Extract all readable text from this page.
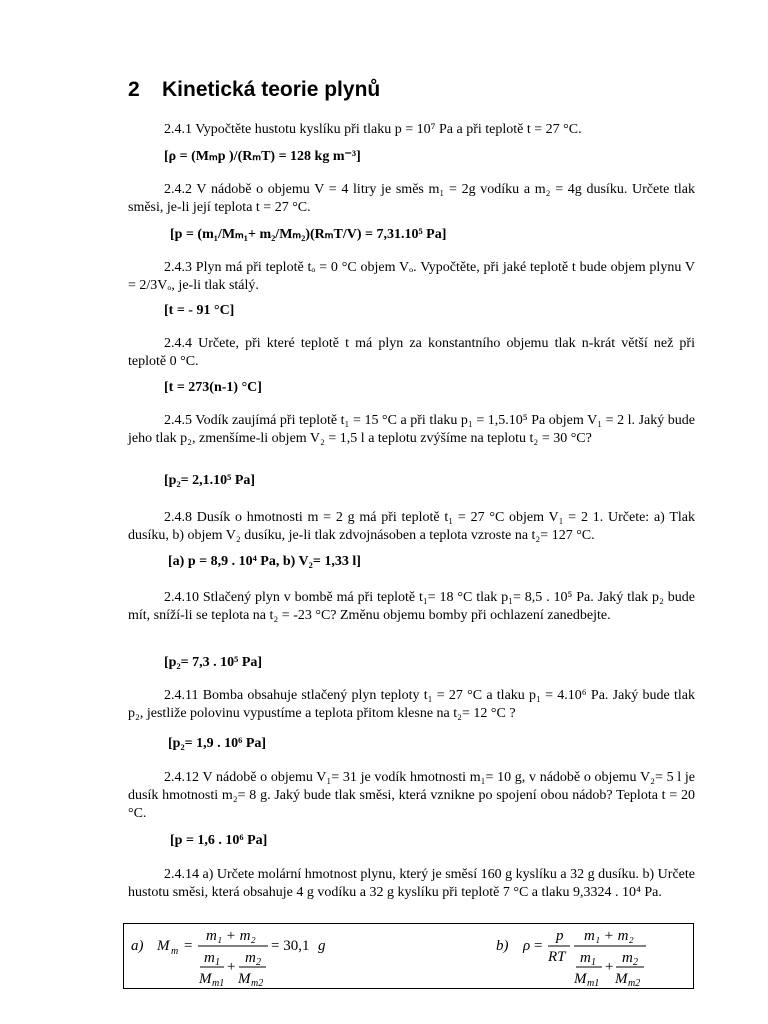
2 Kinetická teorie plynů

2.4.1 Vypočtěte hustotu kyslíku při tlaku p = 10⁷ Pa a při teplotě t = 27 °C.

[ρ = (Mₘp )/(RₘT) = 128 kg m⁻³]

2.4.2 V nádobě o objemu V = 4 litry je směs m₁ = 2g vodíku a m₂ = 4g dusíku. Určete tlak směsi, je-li její teplota t = 27 °C.

[p = (m₁/Mₘ₁+ m₂/Mₘ₂)(RₘT/V) = 7,31.10⁵ Pa]

2.4.3 Plyn má při teplotě tₒ = 0 °C objem Vₒ. Vypočtěte, při jaké teplotě t bude objem plynu V = 2/3Vₒ, je-li tlak stálý.

[t = - 91 °C]

2.4.4 Určete, při které teplotě t má plyn za konstantního objemu tlak n-krát větší než při teplotě 0 °C.

[t = 273(n-1) °C]

2.4.5 Vodík zaujímá při teplotě t₁ = 15 °C a při tlaku p₁ = 1,5.10⁵ Pa objem V₁ = 2 l. Jaký bude jeho tlak p₂, zmenšíme-li objem V₂ = 1,5 l a teplotu zvýšíme na teplotu t₂ = 30 °C?

[p₂= 2,1.10⁵ Pa]

2.4.8 Dusík o hmotnosti m = 2 g má při teplotě t₁ = 27 °C objem V₁ = 2 1. Určete: a) Tlak dusíku, b) objem V₂ dusíku, je-li tlak zdvojnásoben a teplota vzroste na t₂= 127 °C.

[a) p = 8,9 . 10⁴ Pa, b) V₂= 1,33 l]

2.4.10 Stlačený plyn v bombě má při teplotě t₁= 18 °C tlak p₁= 8,5 . 10⁵ Pa. Jaký tlak p₂ bude mít, sníží-li se teplota na t₂ = -23 °C? Změnu objemu bomby při ochlazení zanedbejte.

[p₂= 7,3 . 10⁵ Pa]

2.4.11 Bomba obsahuje stlačený plyn teploty t₁ = 27 °C a tlaku p₁ = 4.10⁶ Pa. Jaký bude tlak p₂, jestliže polovinu vypustíme a teplota přitom klesne na t₂= 12 °C ?

[p₂= 1,9 . 10⁶ Pa]

2.4.12 V nádobě o objemu V₁= 31 je vodík hmotnosti m₁= 10 g, v nádobě o objemu V₂= 5 l je dusík hmotnosti m₂= 8 g. Jaký bude tlak směsi, která vznikne po spojení obou nádob? Teplota t = 20 °C.

[p = 1,6 . 10⁶ Pa]

2.4.14 a) Určete molární hmotnost plynu, který je směsí 160 g kyslíku a 32 g dusíku. b) Určete hustotu směsi, která obsahuje 4 g vodíku a 32 g kyslíku při teplotě 7 °C a tlaku 9,3324 . 10⁴ Pa.

a) M m =
m₁ + m₂
m 1
M m1
+
m 2
M m2
= 30,1 g	b) ρ =
p
RT
m₁ + m₂
m 1
M m1
+
m 2
M m2
